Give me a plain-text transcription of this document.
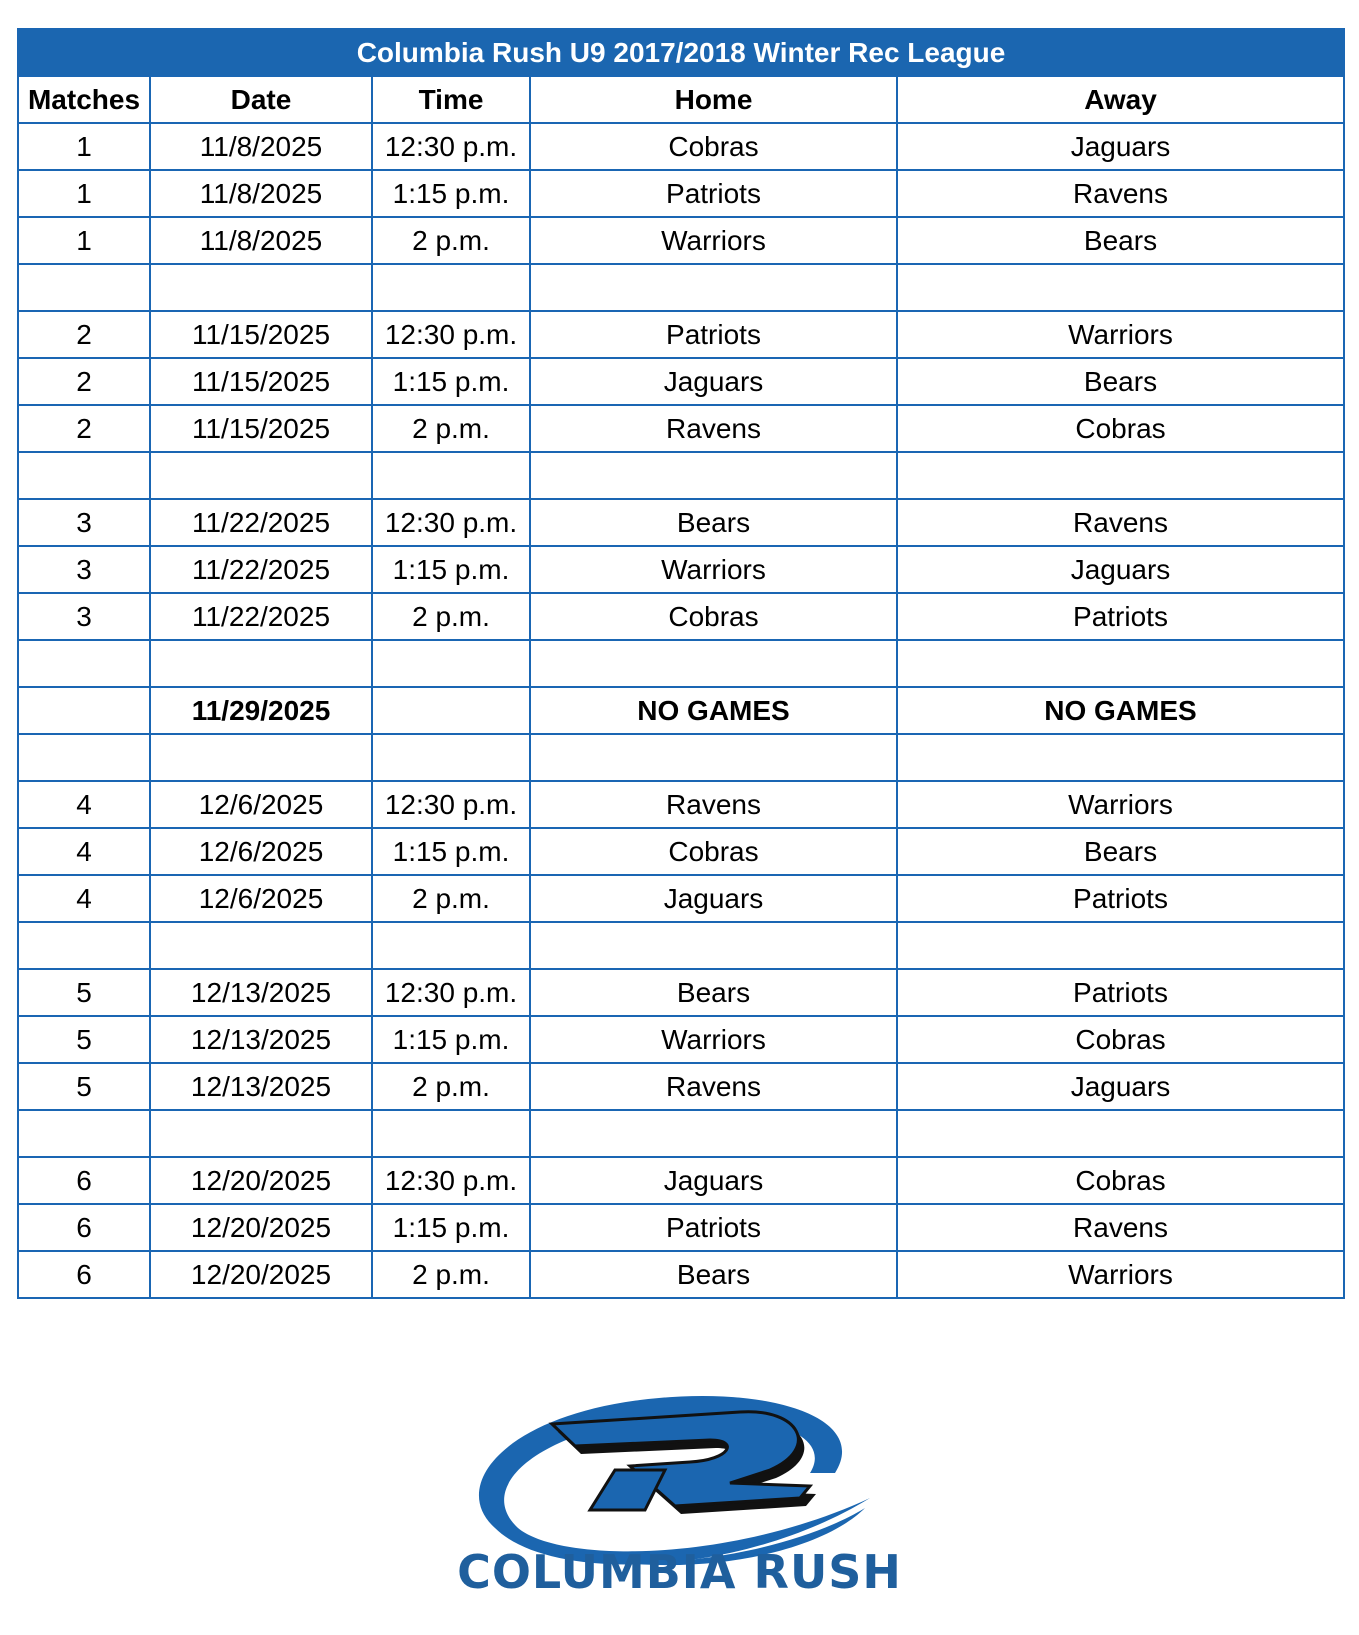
Columbia Rush U9 2017/2018 Winter Rec League				
Matches	Date	Time	Home	Away
1	11/8/2025	12:30 p.m.	Cobras	Jaguars
1	11/8/2025	1:15 p.m.	Patriots	Ravens
1	11/8/2025	2 p.m.	Warriors	Bears

2	11/15/2025	12:30 p.m.	Patriots	Warriors
2	11/15/2025	1:15 p.m.	Jaguars	Bears
2	11/15/2025	2 p.m.	Ravens	Cobras

3	11/22/2025	12:30 p.m.	Bears	Ravens
3	11/22/2025	1:15 p.m.	Warriors	Jaguars
3	11/22/2025	2 p.m.	Cobras	Patriots

	11/29/2025		NO GAMES	NO GAMES

4	12/6/2025	12:30 p.m.	Ravens	Warriors
4	12/6/2025	1:15 p.m.	Cobras	Bears
4	12/6/2025	2 p.m.	Jaguars	Patriots

5	12/13/2025	12:30 p.m.	Bears	Patriots
5	12/13/2025	1:15 p.m.	Warriors	Cobras
5	12/13/2025	2 p.m.	Ravens	Jaguars

6	12/20/2025	12:30 p.m.	Jaguars	Cobras
6	12/20/2025	1:15 p.m.	Patriots	Ravens
6	12/20/2025	2 p.m.	Bears	Warriors
COLUMBIA RUSH
